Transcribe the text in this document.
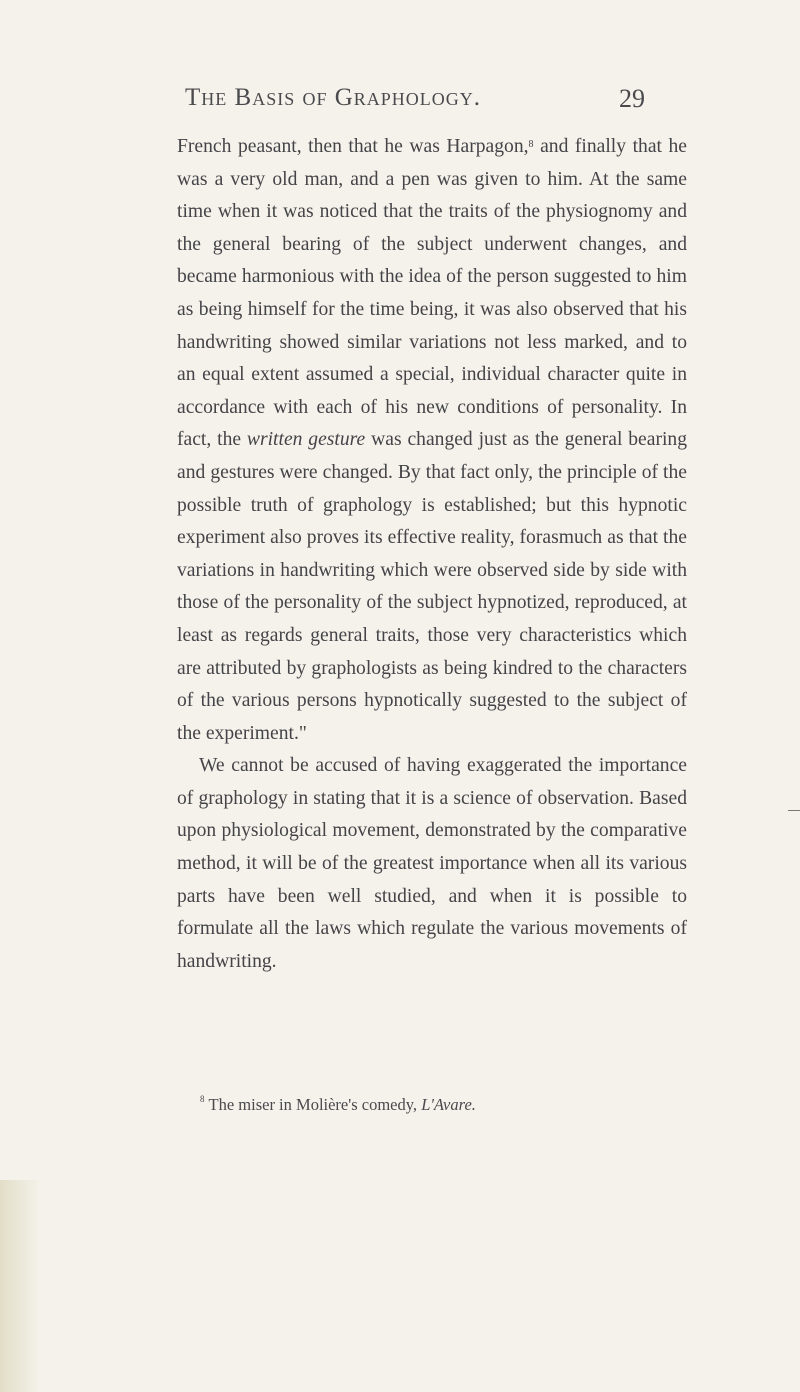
The Basis of Graphology.	29

French peasant, then that he was Harpagon,$^8$ and finally that he was a very old man, and a pen was given to him. At the same time when it was noticed that the traits of the physiognomy and the general bearing of the subject underwent changes, and became harmonious with the idea of the person suggested to him as being himself for the time being, it was also observed that his handwriting showed similar variations not less marked, and to an equal extent assumed a special, individual character quite in accordance with each of his new conditions of personality. In fact, the written gesture was changed just as the general bearing and gestures were changed. By that fact only, the principle of the possible truth of graphology is established; but this hypnotic experiment also proves its effective reality, forasmuch as that the variations in handwriting which were observed side by side with those of the personality of the subject hypnotized, reproduced, at least as regards general traits, those very characteristics which are attributed by graphologists as being kindred to the characters of the various persons hypnotically suggested to the subject of the experiment."

We cannot be accused of having exaggerated the importance of graphology in stating that it is a science of observation. Based upon physiological movement, demonstrated by the comparative method, it will be of the greatest importance when all its various parts have been well studied, and when it is possible to formulate all the laws which regulate the various movements of handwriting.

$^8$ The miser in Molière's comedy, L'Avare.
